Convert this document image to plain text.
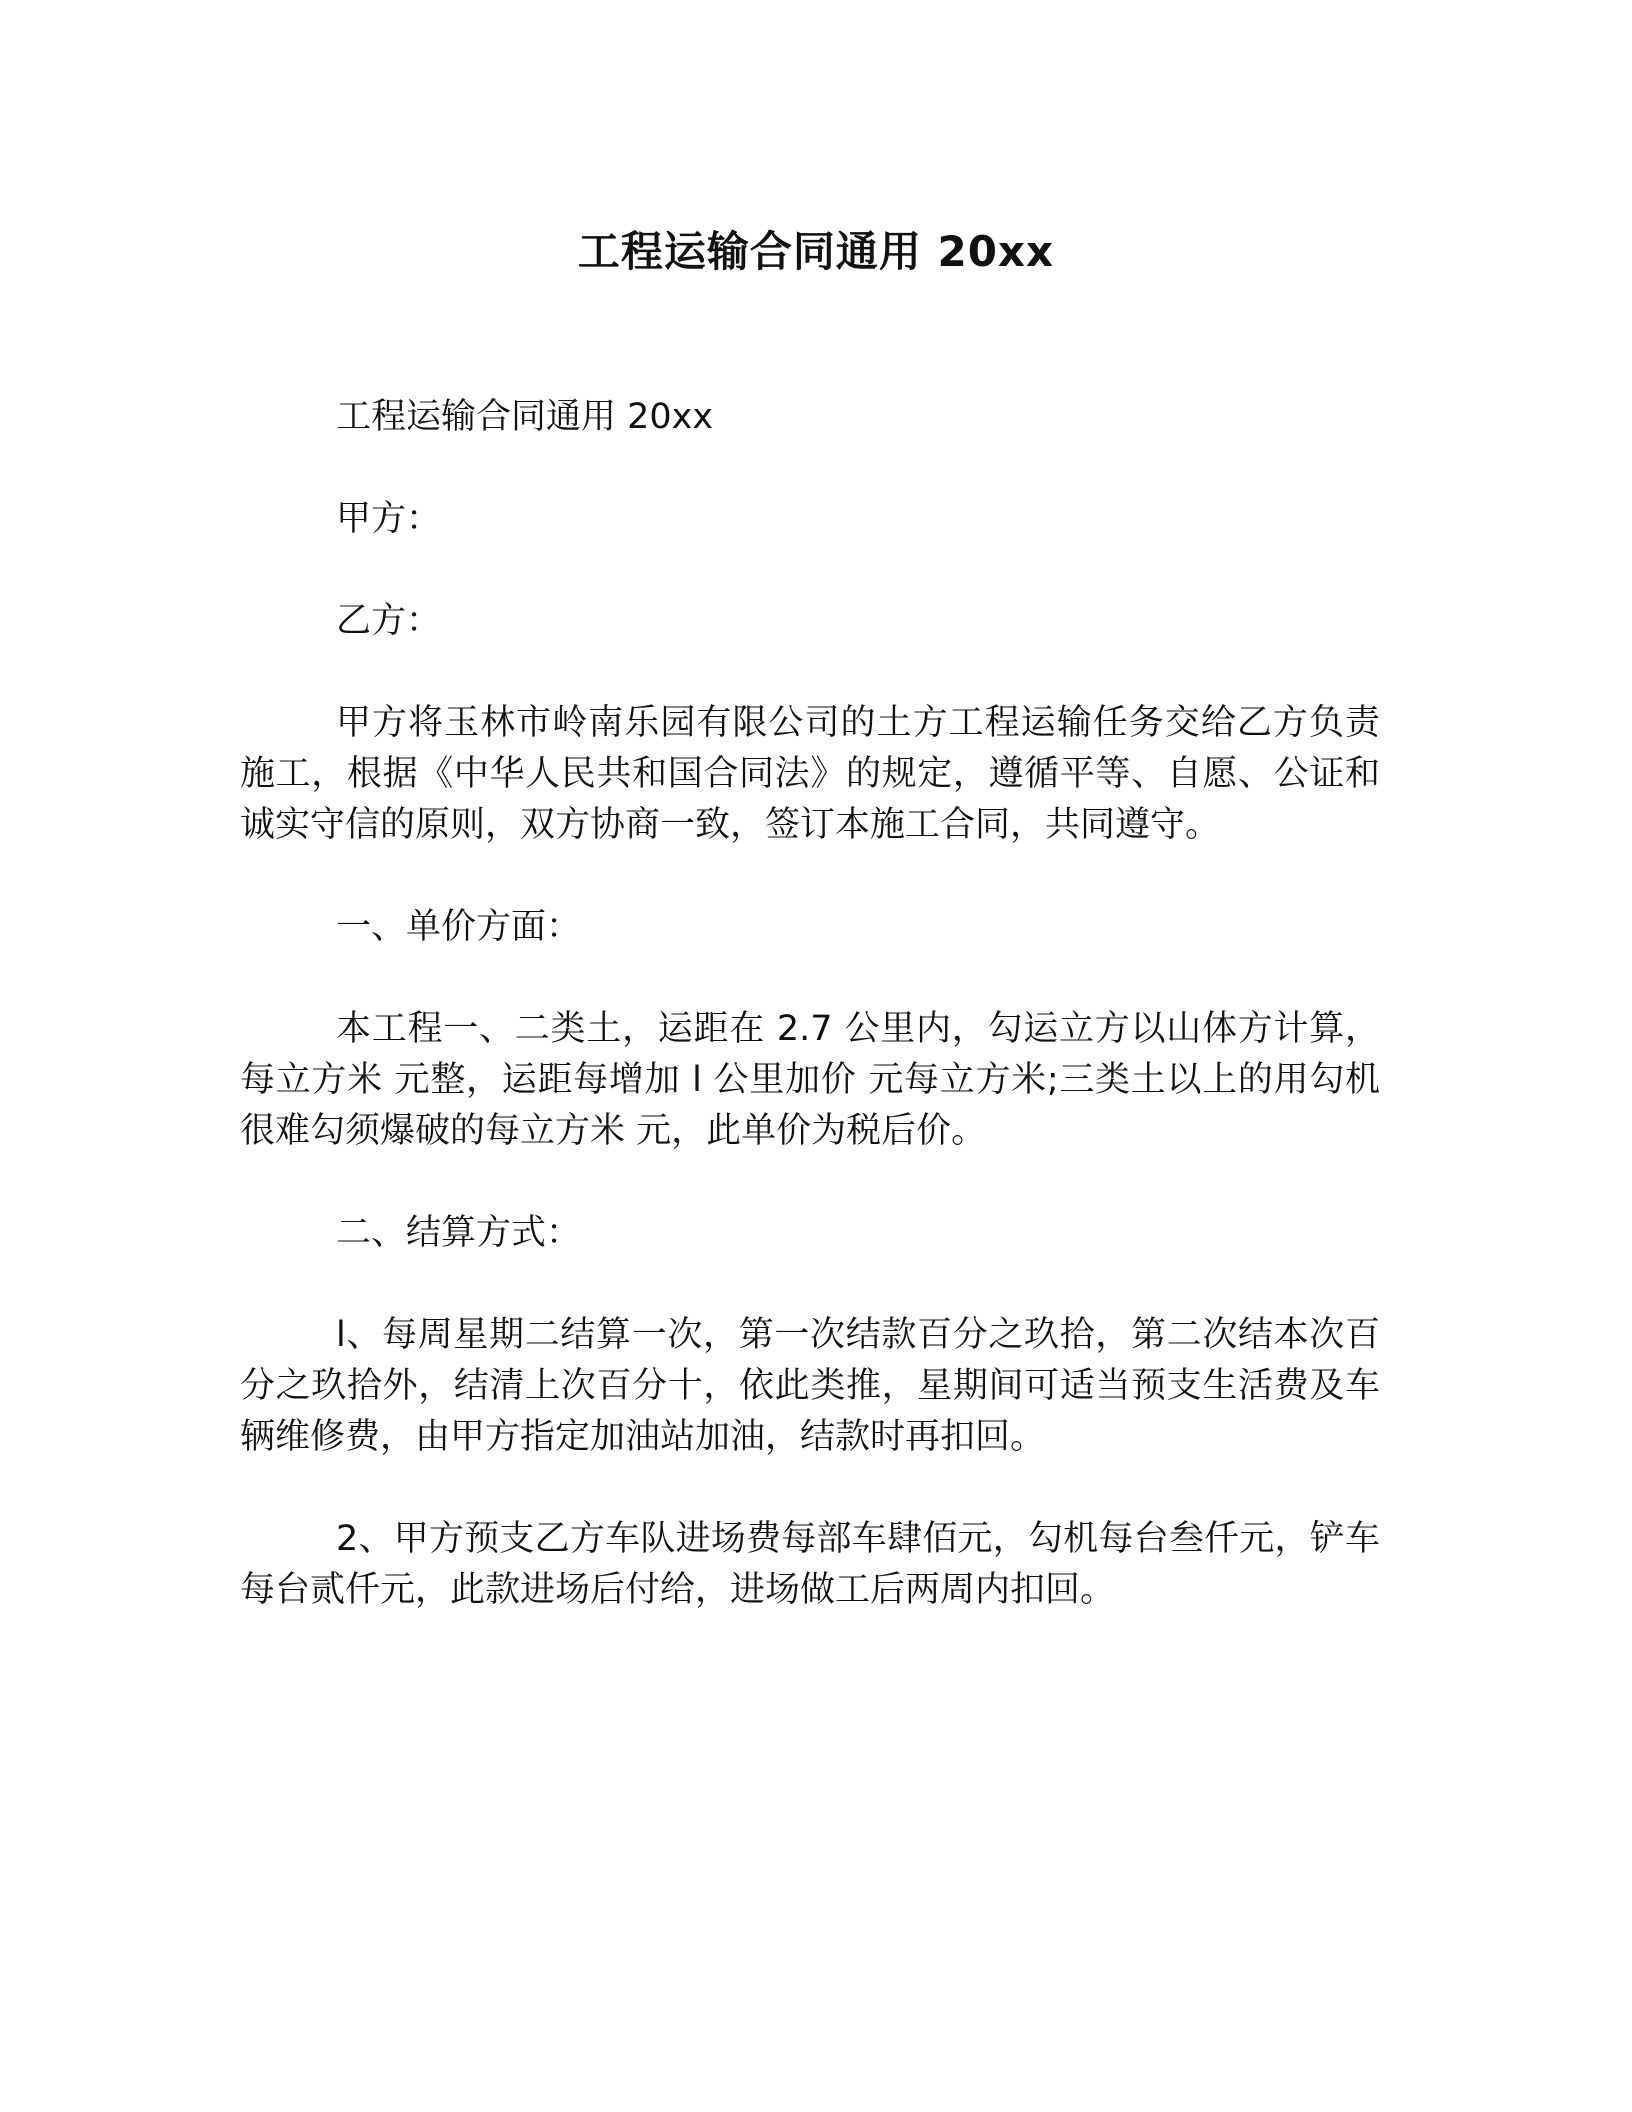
工程运输合同通用 20xx

工程运输合同通用 20xx

甲方：

乙方：

甲方将玉林市岭南乐园有限公司的土方工程运输任务交给乙方负责施工，根据《中华人民共和国合同法》的规定，遵循平等、自愿、公证和诚实守信的原则，双方协商一致，签订本施工合同，共同遵守。

一、单价方面：

本工程一、二类土，运距在 2.7 公里内，勾运立方以山体方计算，每立方米 元整，运距每增加 l 公里加价 元每立方米;三类土以上的用勾机很难勾须爆破的每立方米 元，此单价为税后价。

二、结算方式：

l、每周星期二结算一次，第一次结款百分之玖拾，第二次结本次百分之玖拾外，结清上次百分十，依此类推，星期间可适当预支生活费及车辆维修费，由甲方指定加油站加油，结款时再扣回。

2、甲方预支乙方车队进场费每部车肆佰元，勾机每台叁仟元，铲车每台贰仟元，此款进场后付给，进场做工后两周内扣回。
